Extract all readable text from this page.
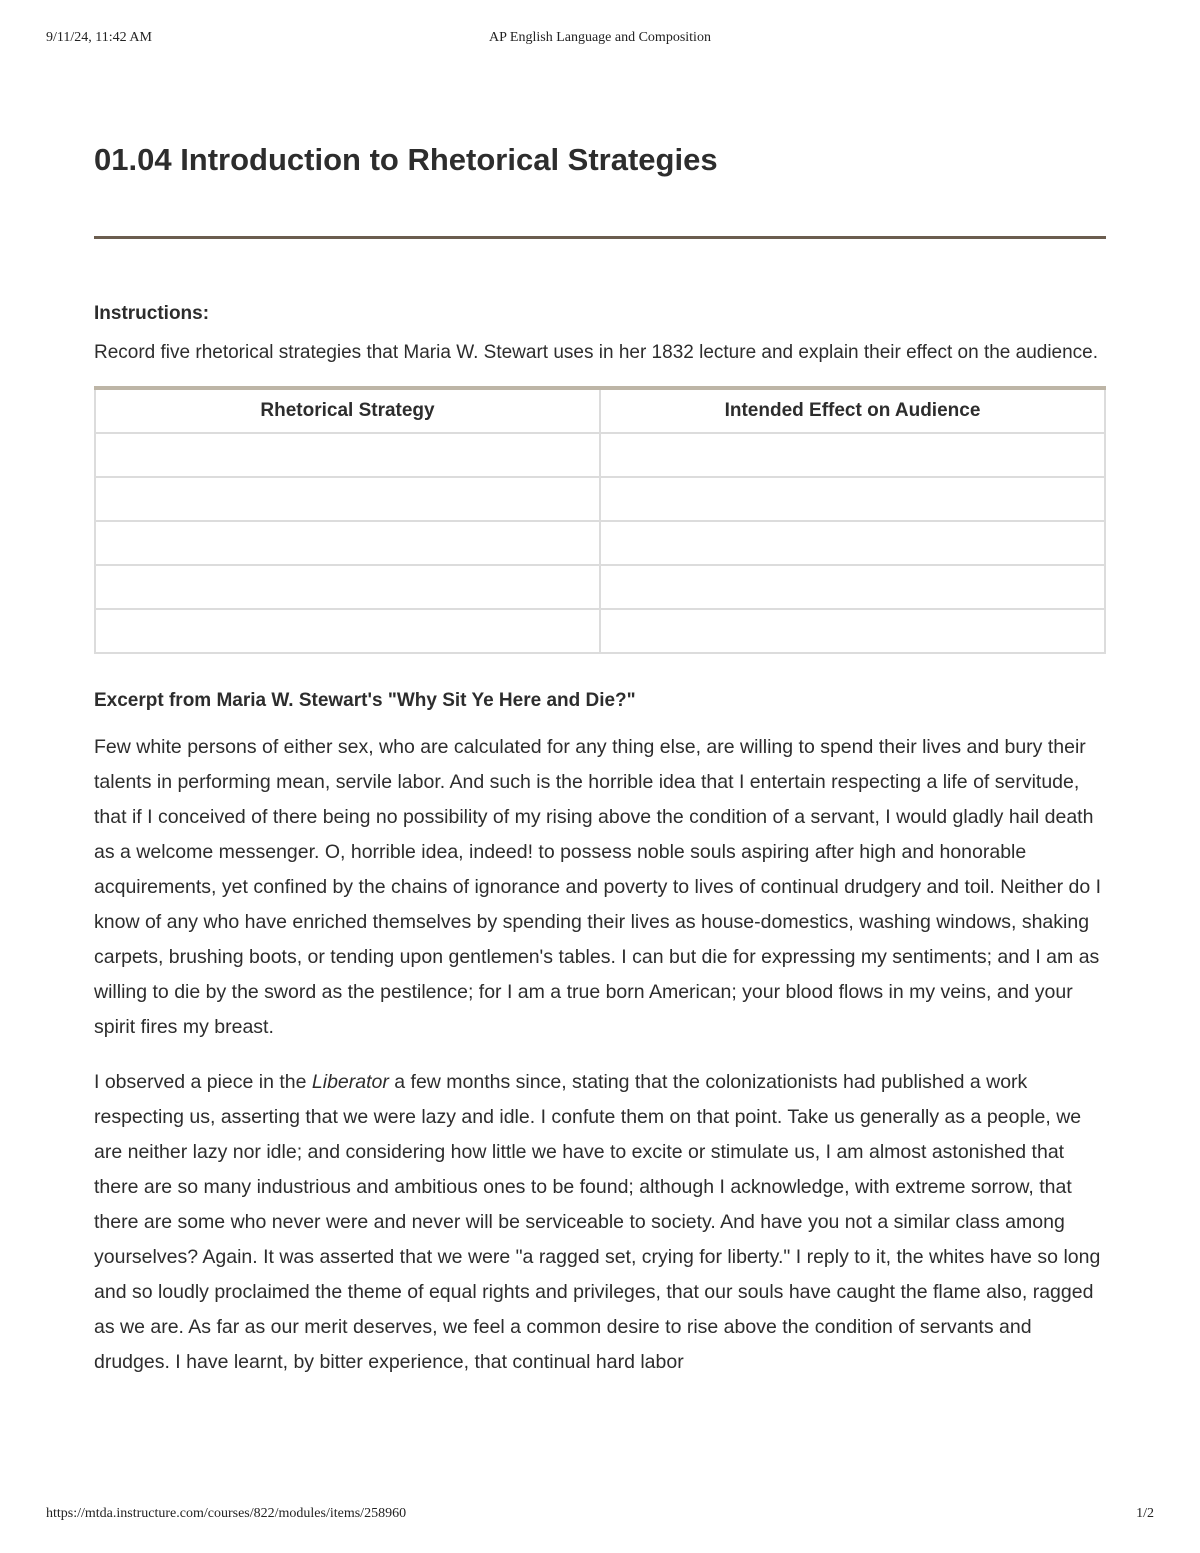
9/11/24, 11:42 AM	AP English Language and Composition
01.04 Introduction to Rhetorical Strategies
Instructions:
Record five rhetorical strategies that Maria W. Stewart uses in her 1832 lecture and explain their effect on the audience.
Rhetorical Strategy	Intended Effect on Audience

Excerpt from Maria W. Stewart's "Why Sit Ye Here and Die?"

Few white persons of either sex, who are calculated for any thing else, are willing to spend their lives and bury their talents in performing mean, servile labor. And such is the horrible idea that I entertain respecting a life of servitude, that if I conceived of there being no possibility of my rising above the condition of a servant, I would gladly hail death as a welcome messenger. O, horrible idea, indeed! to possess noble souls aspiring after high and honorable acquirements, yet confined by the chains of ignorance and poverty to lives of continual drudgery and toil. Neither do I know of any who have enriched themselves by spending their lives as house-domestics, washing windows, shaking carpets, brushing boots, or tending upon gentlemen's tables. I can but die for expressing my sentiments; and I am as willing to die by the sword as the pestilence; for I am a true born American; your blood flows in my veins, and your spirit fires my breast.

I observed a piece in the Liberator a few months since, stating that the colonizationists had published a work respecting us, asserting that we were lazy and idle. I confute them on that point. Take us generally as a people, we are neither lazy nor idle; and considering how little we have to excite or stimulate us, I am almost astonished that there are so many industrious and ambitious ones to be found; although I acknowledge, with extreme sorrow, that there are some who never were and never will be serviceable to society. And have you not a similar class among yourselves? Again. It was asserted that we were "a ragged set, crying for liberty." I reply to it, the whites have so long and so loudly proclaimed the theme of equal rights and privileges, that our souls have caught the flame also, ragged as we are. As far as our merit deserves, we feel a common desire to rise above the condition of servants and drudges. I have learnt, by bitter experience, that continual hard labor

https://mtda.instructure.com/courses/822/modules/items/258960	1/2
